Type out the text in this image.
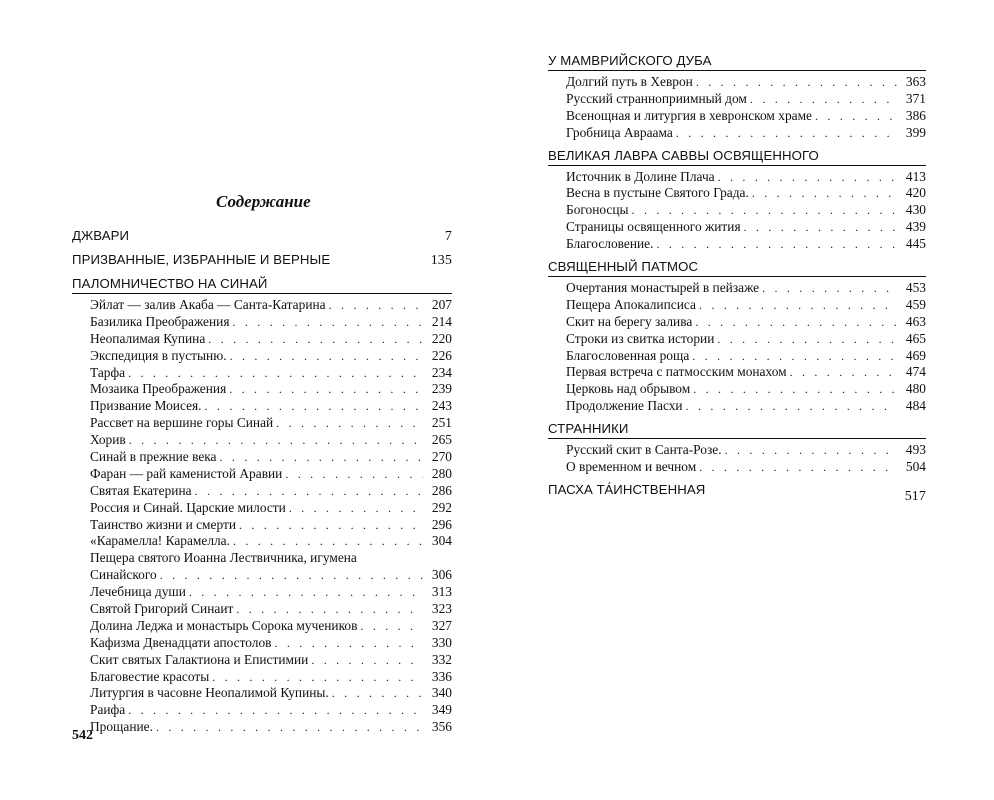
Содержание
ДЖВАРИ	7
ПРИЗВАННЫЕ, ИЗБРАННЫЕ И ВЕРНЫЕ	135
ПАЛОМНИЧЕСТВО НА СИНАЙ
Эйлат — залив Акаба — Санта-Катарина . . .	207
Базилика Преображения . . .	214
Неопалимая Купина . . .	220
Экспедиция в пустыню. . . .	226
Тарфа . . .	234
Мозаика Преображения . . .	239
Призвание Моисея. . . .	243
Рассвет на вершине горы Синай . . .	251
Хорив . . .	265
Синай в прежние века . . .	270
Фаран — рай каменистой Аравии . . .	280
Святая Екатерина . . .	286
Россия и Синай. Царские милости . . .	292
Таинство жизни и смерти . . .	296
«Карамелла! Карамелла. . . .	304
Пещера святого Иоанна Лествичника, игумена
Синайского . . .	306
Лечебница души . . .	313
Святой Григорий Синаит . . .	323
Долина Леджа и монастырь Сорока мучеников . . .	327
Кафизма Двенадцати апостолов . . .	330
Скит святых Галактиона и Епистимии . . .	332
Благовестие красоты . . .	336
Литургия в часовне Неопалимой Купины. . . .	340
Раифа . . .	349
Прощание. . . .	356
542
У МАМВРИЙСКОГО ДУБА
Долгий путь в Хеврон . . .	363
Русский странноприимный дом . . .	371
Всенощная и литургия в хевронском храме . . .	386
Гробница Авраама . . .	399
ВЕЛИКАЯ ЛАВРА САВВЫ ОСВЯЩЕННОГО
Источник в Долине Плача . . .	413
Весна в пустыне Святого Града. . . .	420
Богоносцы . . .	430
Страницы освященного жития . . .	439
Благословение. . . .	445
СВЯЩЕННЫЙ ПАТМОС
Очертания монастырей в пейзаже . . .	453
Пещера Апокалипсиса . . .	459
Скит на берегу залива . . .	463
Строки из свитка истории . . .	465
Благословенная роща . . .	469
Первая встреча с патмосским монахом . . .	474
Церковь над обрывом . . .	480
Продолжение Пасхи . . .	484
СТРАННИКИ
Русский скит в Санта-Розе. . . .	493
О временном и вечном . . .	504
ПАСХА ТА́ИНСТВЕННАЯ	517
